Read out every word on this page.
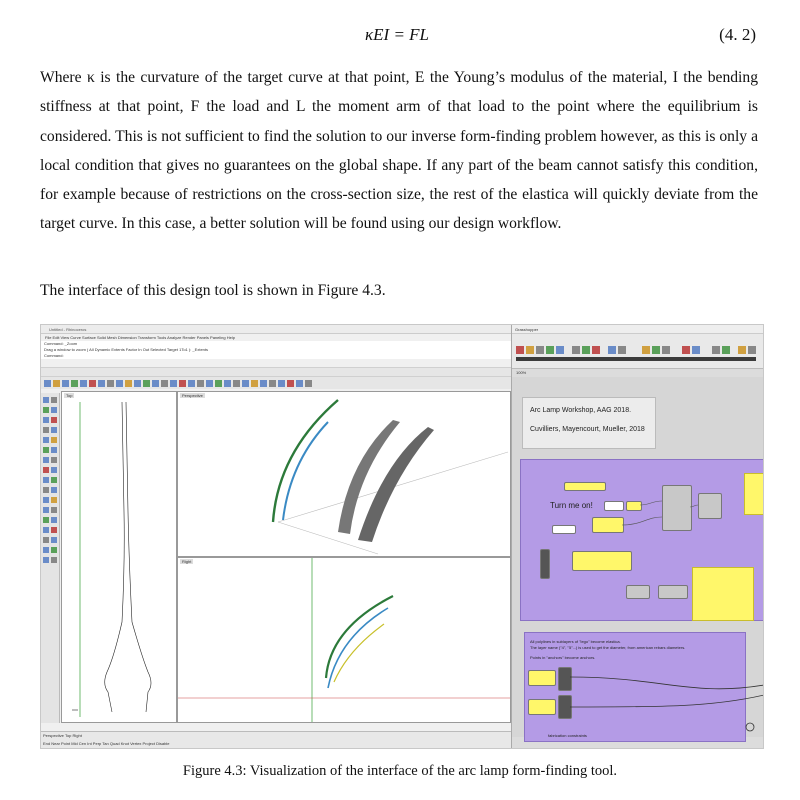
κEI = FL	(4. 2)
Where κ is the curvature of the target curve at that point, E the Young’s modulus of the material, I the bending stiffness at that point, F the load and L the moment arm of that load to the point where the equilibrium is considered. This is not sufficient to find the solution to our inverse form-finding problem however, as this is only a local condition that gives no guarantees on the global shape. If any part of the beam cannot satisfy this condition, for example because of restrictions on the cross-section size, the rest of the elastica will quickly deviate from the target curve. In this case, a better solution will be found using our design workflow.
The interface of this design tool is shown in Figure 4.3.
Untitled - Rhinoceros
File Edit View Curve Surface Solid Mesh Dimension Transform Tools Analyze Render Panels Paneling Help
Command: _Zoom
Drag a window to zoom ( All Dynamic Extents Factor In Out Selected Target 1To1 ): _Extents
Command:
Top	Perspective
Right
Perspective Top Right
End Near Point Mid Cen Int Perp Tan Quad Knot Vertex Project Disable
Grasshopper
100%
Arc Lamp Workshop, AAG 2018.
Cuvilliers, Mayencourt, Mueller, 2018
Turn me on!
All polylines in sublayers of "lego" become elastica.
The layer name ("4", "5"...) is used to get the diameter, from american rebars diameters.
Points in "anchors" become anchors.
fabrication constraints
Figure 4.3: Visualization of the interface of the arc lamp form-finding tool.
